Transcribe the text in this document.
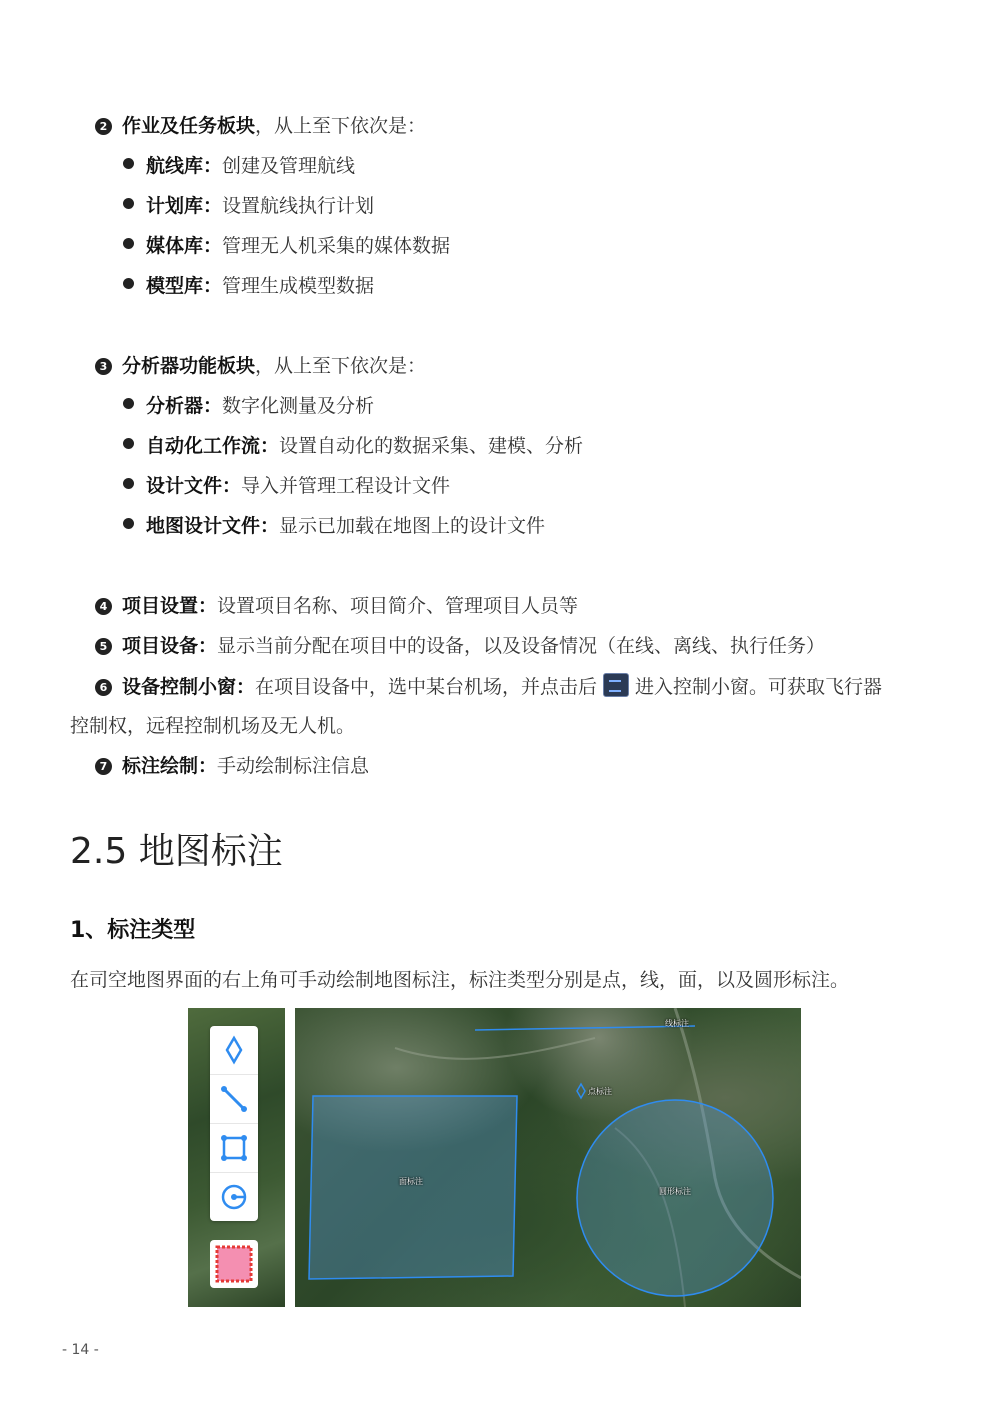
2 作业及任务板块，从上至下依次是：
航线库：创建及管理航线
计划库：设置航线执行计划
媒体库：管理无人机采集的媒体数据
模型库：管理生成模型数据
3 分析器功能板块，从上至下依次是：
分析器：数字化测量及分析
自动化工作流：设置自动化的数据采集、建模、分析
设计文件：导入并管理工程设计文件
地图设计文件：显示已加载在地图上的设计文件
4 项目设置：设置项目名称、项目简介、管理项目人员等
5 项目设备：显示当前分配在项目中的设备，以及设备情况（在线、离线、执行任务）
6 设备控制小窗：在项目设备中，选中某台机场，并点击后 进入控制小窗。可获取飞行器
控制权，远程控制机场及无人机。
7 标注绘制：手动绘制标注信息
2.5 地图标注
1、标注类型
在司空地图界面的右上角可手动绘制地图标注，标注类型分别是点，线，面，以及圆形标注。
线标注
点标注
面标注
圆形标注
- 14 -
